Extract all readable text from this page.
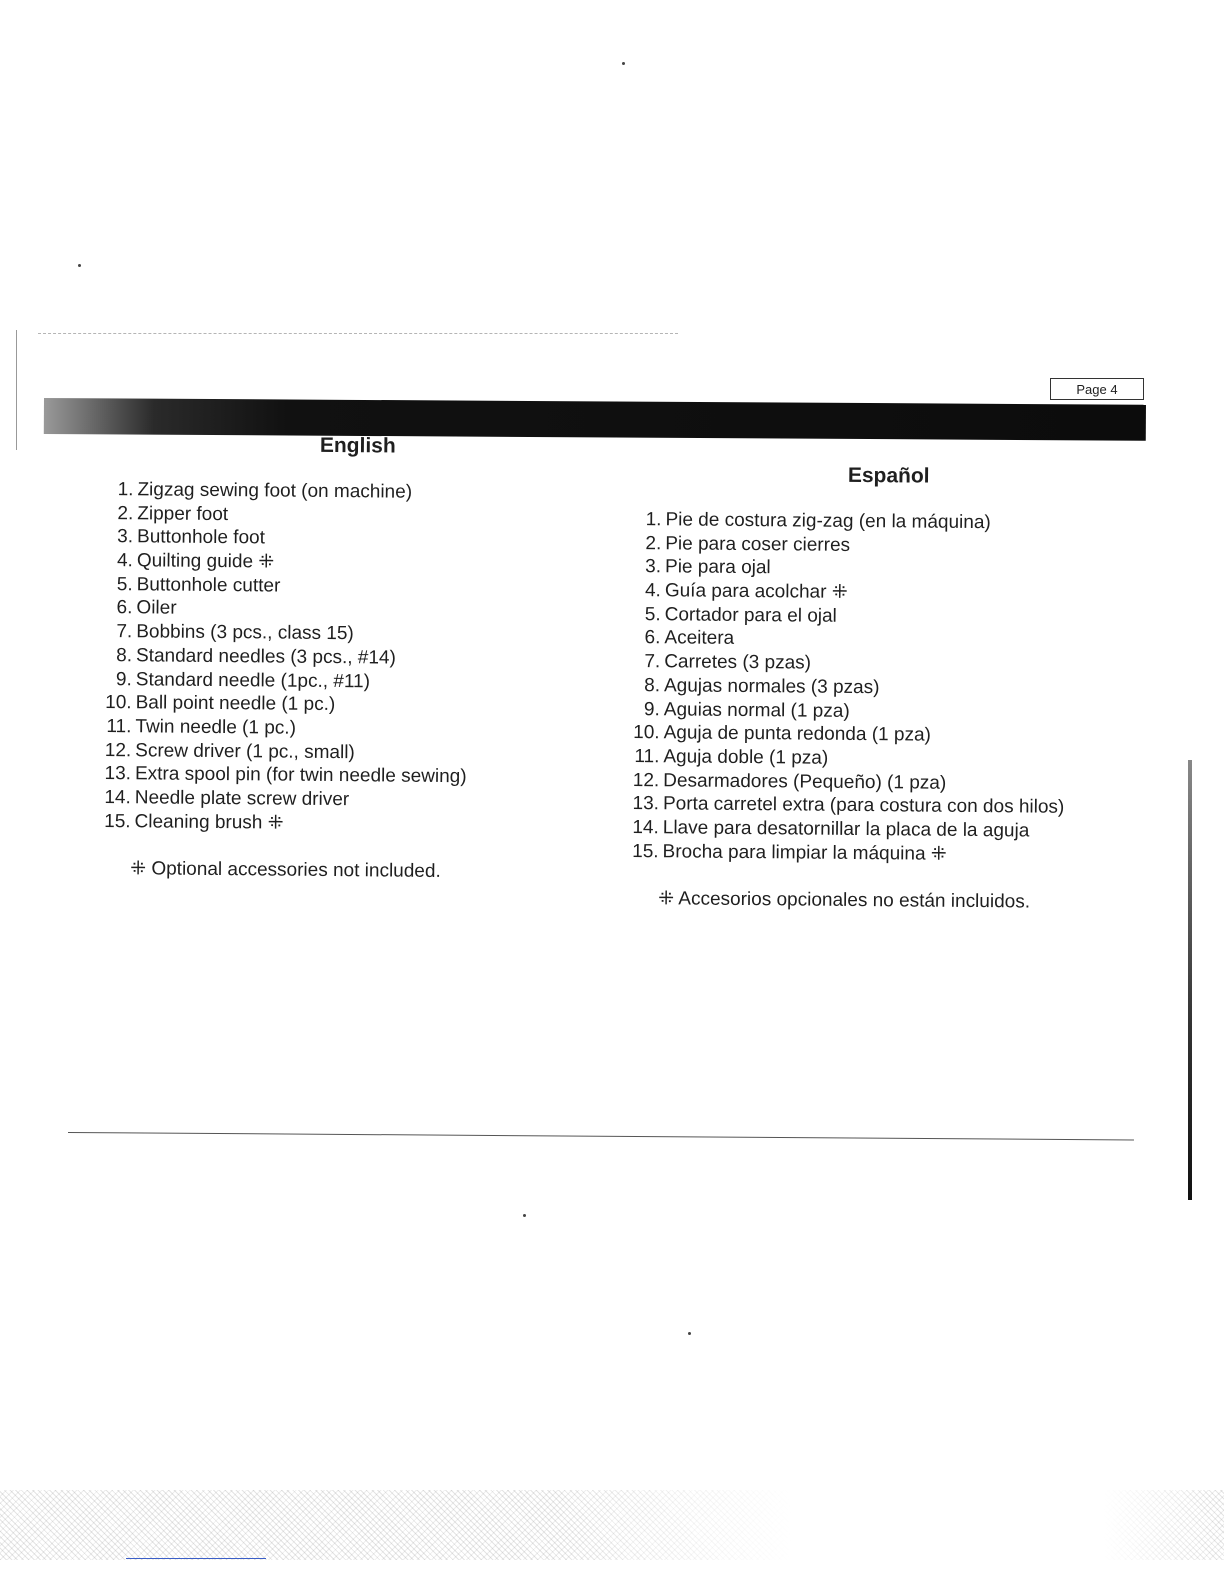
Page 4
English
1. Zigzag sewing foot (on machine)
2. Zipper foot
3. Buttonhole foot
4. Quilting guide ⁜
5. Buttonhole cutter
6. Oiler
7. Bobbins (3 pcs., class 15)
8. Standard needles (3 pcs., #14)
9. Standard needle (1pc., #11)
10. Ball point needle (1 pc.)
11. Twin needle (1 pc.)
12. Screw driver (1 pc., small)
13. Extra spool pin (for twin needle sewing)
14. Needle plate screw driver
15. Cleaning brush ⁜
⁜ Optional accessories not included.
Español
1. Pie de costura zig-zag (en la máquina)
2. Pie para coser cierres
3. Pie para ojal
4. Guía para acolchar ⁜
5. Cortador para el ojal
6. Aceitera
7. Carretes (3 pzas)
8. Agujas normales (3 pzas)
9. Aguias normal (1 pza)
10. Aguja de punta redonda (1 pza)
11. Aguja doble (1 pza)
12. Desarmadores (Pequeño) (1 pza)
13. Porta carretel extra (para costura con dos hilos)
14. Llave para desatornillar la placa de la aguja
15. Brocha para limpiar la máquina ⁜
⁜ Accesorios opcionales no están incluidos.
